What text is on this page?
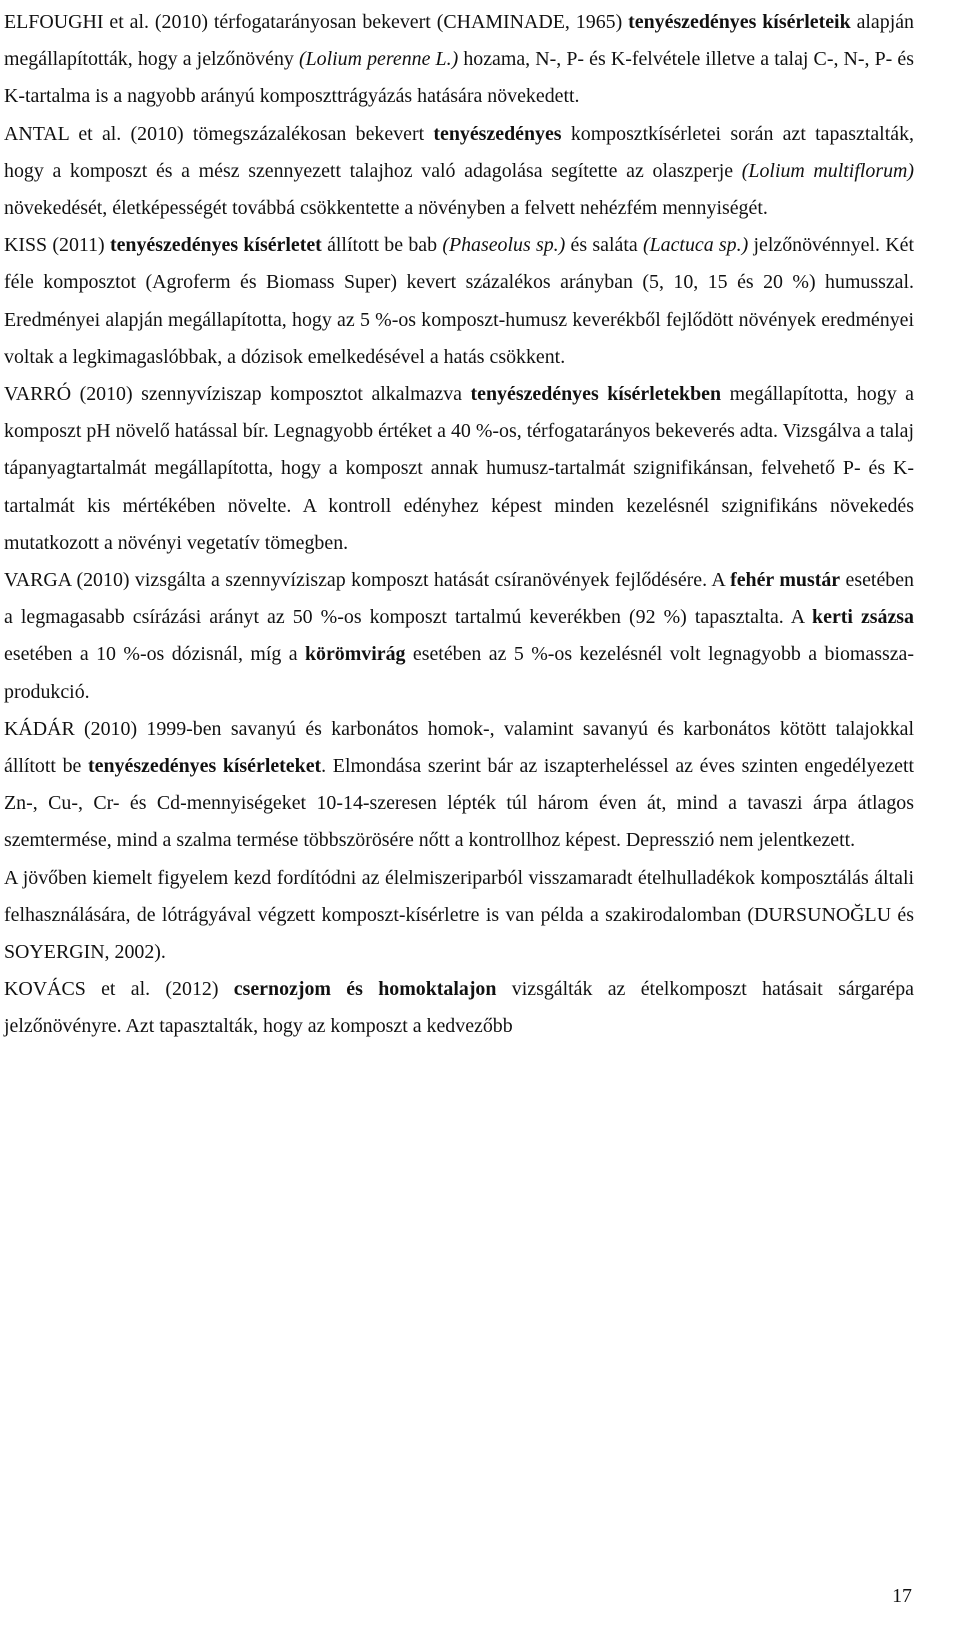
ELFOUGHI et al. (2010) térfogatarányosan bekevert (CHAMINADE, 1965) tenyészedényes kísérleteik alapján megállapították, hogy a jelzőnövény (Lolium perenne L.) hozama, N-, P- és K-felvétele illetve a talaj C-, N-, P- és K-tartalma is a nagyobb arányú komposzttrágyázás hatására növekedett.

ANTAL et al. (2010) tömegszázalékosan bekevert tenyészedényes komposztkísérletei során azt tapasztalták, hogy a komposzt és a mész szennyezett talajhoz való adagolása segítette az olaszperje (Lolium multiflorum) növekedését, életképességét továbbá csökkentette a növényben a felvett nehézfém mennyiségét.

KISS (2011) tenyészedényes kísérletet állított be bab (Phaseolus sp.) és saláta (Lactuca sp.) jelzőnövénnyel. Két féle komposztot (Agroferm és Biomass Super) kevert százalékos arányban (5, 10, 15 és 20 %) humusszal. Eredményei alapján megállapította, hogy az 5 %-os komposzt-humusz keverékből fejlődött növények eredményei voltak a legkimagaslóbbak, a dózisok emelkedésével a hatás csökkent.

VARRÓ (2010) szennyvíziszap komposztot alkalmazva tenyészedényes kísérletekben megállapította, hogy a komposzt pH növelő hatással bír. Legnagyobb értéket a 40 %-os, térfogatarányos bekeverés adta. Vizsgálva a talaj tápanyagtartalmát megállapította, hogy a komposzt annak humusz-tartalmát szignifikánsan, felvehető P- és K-tartalmát kis mértékében növelte. A kontroll edényhez képest minden kezelésnél szignifikáns növekedés mutatkozott a növényi vegetatív tömegben.

VARGA (2010) vizsgálta a szennyvíziszap komposzt hatását csíranövények fejlődésére. A fehér mustár esetében a legmagasabb csírázási arányt az 50 %-os komposzt tartalmú keverékben (92 %) tapasztalta. A kerti zsázsa esetében a 10 %-os dózisnál, míg a körömvirág esetében az 5 %-os kezelésnél volt legnagyobb a biomassza-produkció.

KÁDÁR (2010) 1999-ben savanyú és karbonátos homok-, valamint savanyú és karbonátos kötött talajokkal állított be tenyészedényes kísérleteket. Elmondása szerint bár az iszapterheléssel az éves szinten engedélyezett Zn-, Cu-, Cr- és Cd-mennyiségeket 10-14-szeresen lépték túl három éven át, mind a tavaszi árpa átlagos szemtermése, mind a szalma termése többszörösére nőtt a kontrollhoz képest. Depresszió nem jelentkezett.

A jövőben kiemelt figyelem kezd fordítódni az élelmiszeriparból visszamaradt ételhulladékok komposztálás általi felhasználására, de lótrágyával végzett komposzt-kísérletre is van példa a szakirodalomban (DURSUNOĞLU és SOYERGIN, 2002).

KOVÁCS et al. (2012) csernozjom és homoktalajon vizsgálták az ételkomposzt hatásait sárgarépa jelzőnövényre. Azt tapasztalták, hogy az komposzt a kedvezőbb

17
